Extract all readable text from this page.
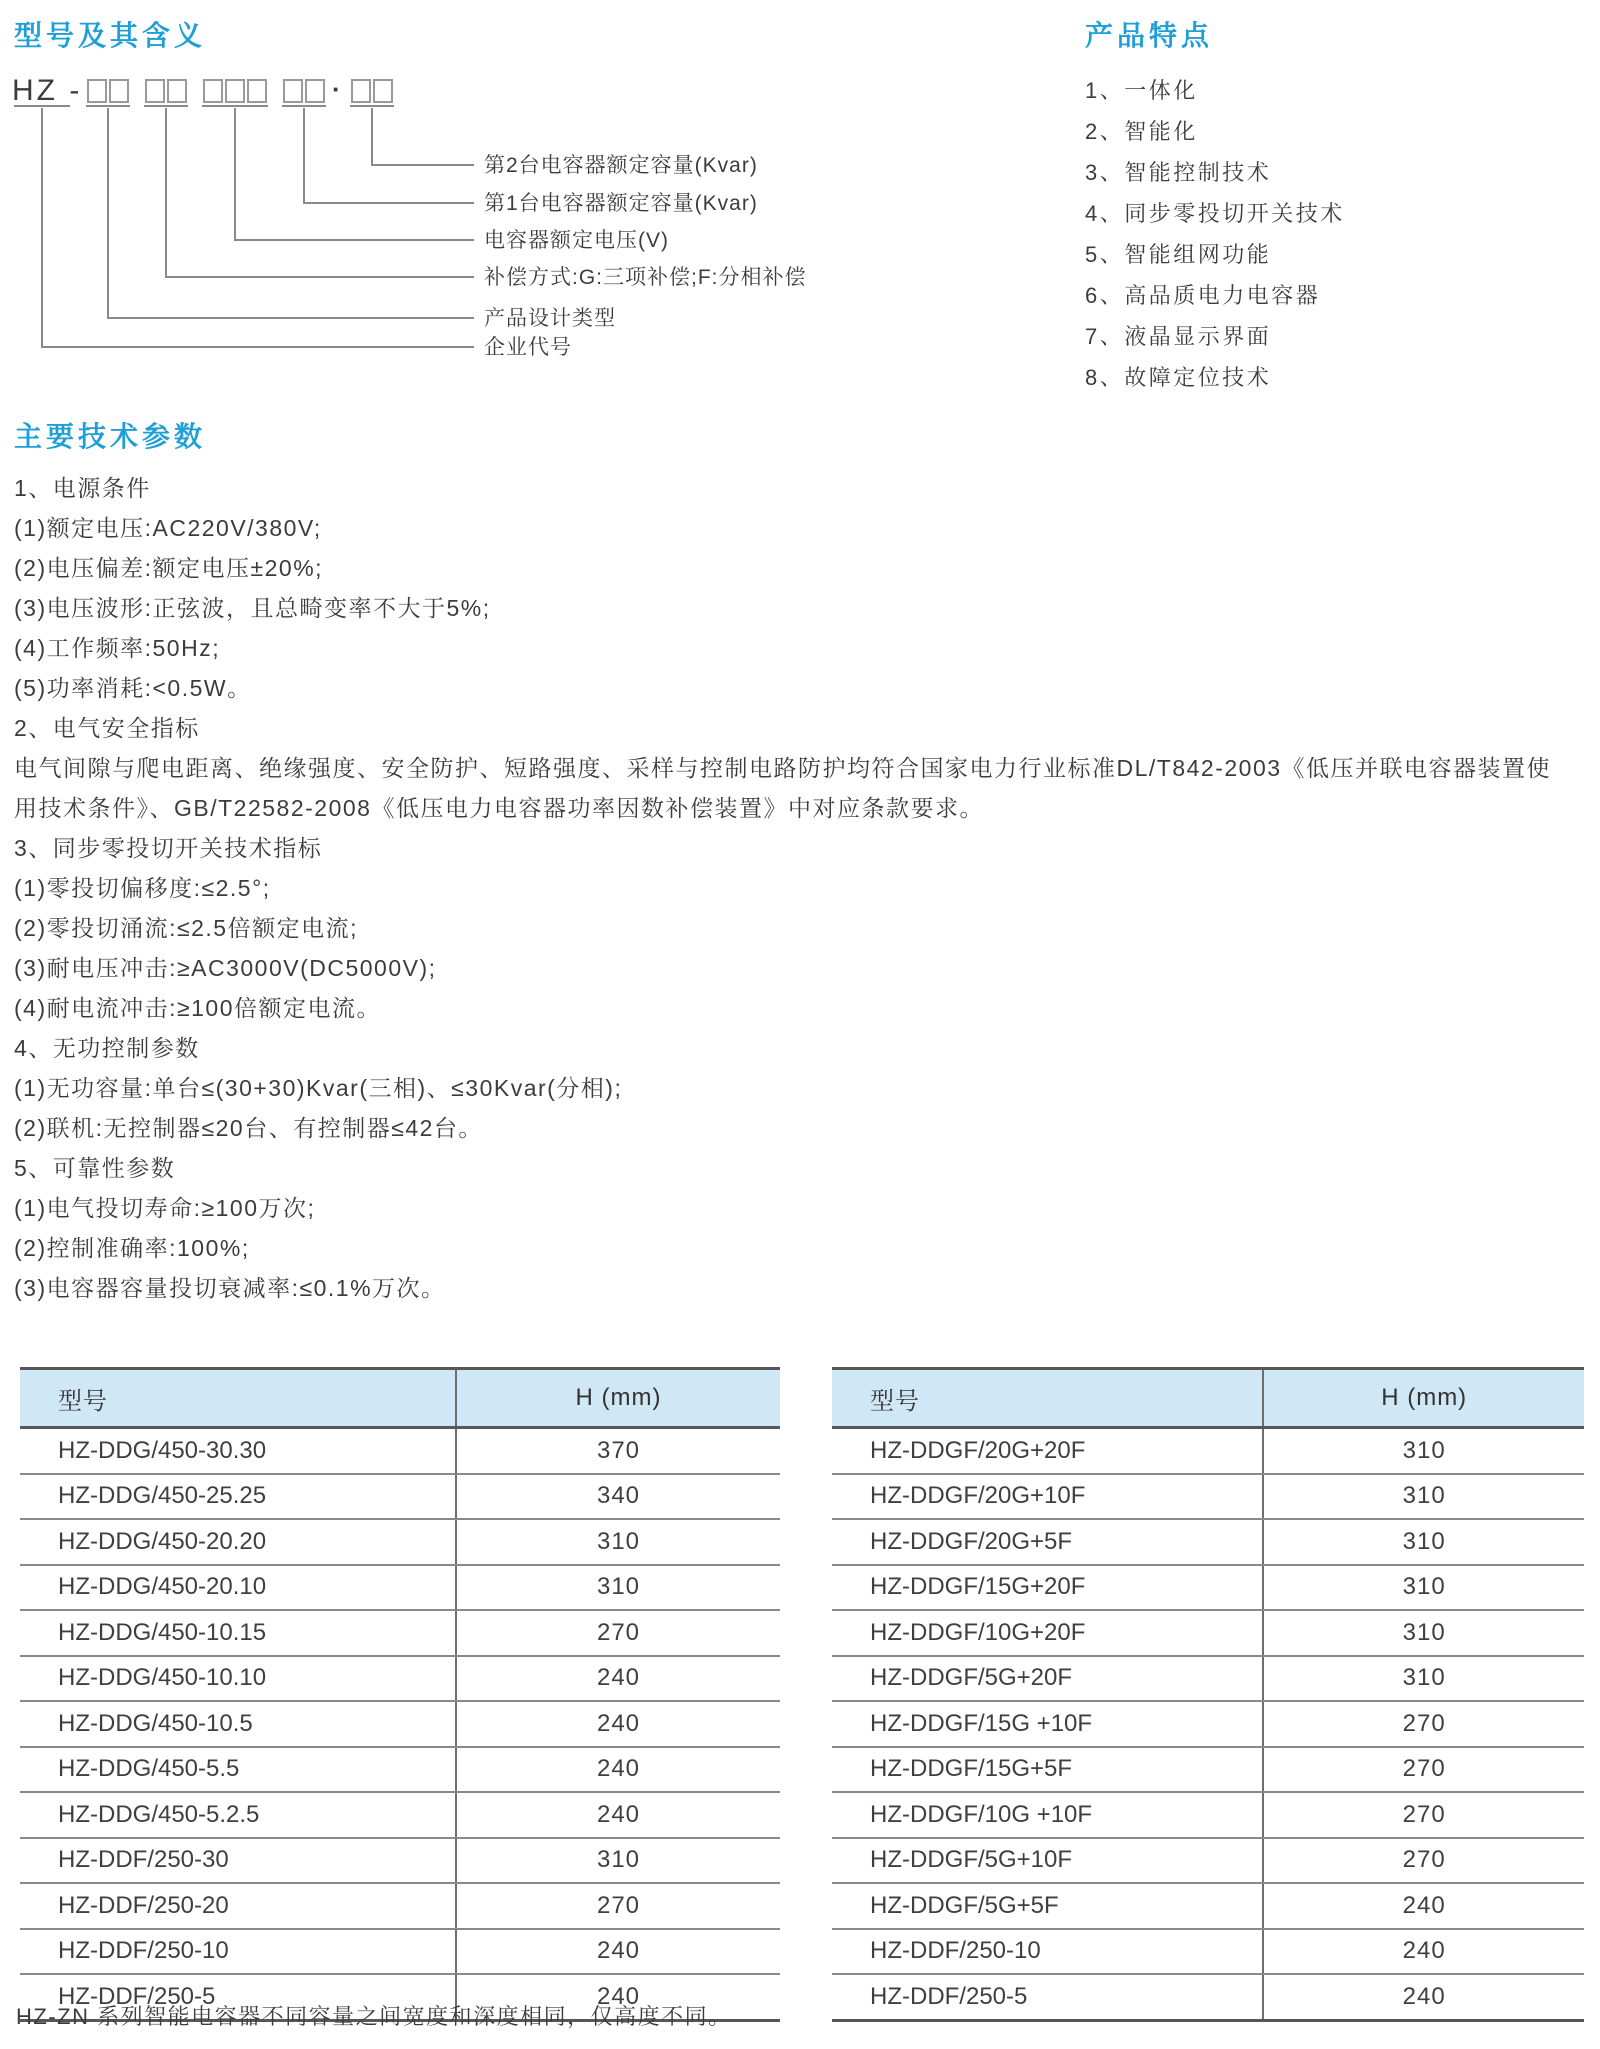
型号及其含义
HZ -	·
第2台电容器额定容量(Kvar)
第1台电容器额定容量(Kvar)
电容器额定电压(V)
补偿方式:G:三项补偿;F:分相补偿
产品设计类型
企业代号
产品特点
1、一体化
2、智能化
3、智能控制技术
4、同步零投切开关技术
5、智能组网功能
6、高品质电力电容器
7、液晶显示界面
8、故障定位技术
主要技术参数
1、电源条件
(1)额定电压:AC220V/380V;
(2)电压偏差:额定电压±20%;
(3)电压波形:正弦波，且总畸变率不大于5%;
(4)工作频率:50Hz;
(5)功率消耗:<0.5W。
2、电气安全指标
电气间隙与爬电距离、绝缘强度、安全防护、短路强度、采样与控制电路防护均符合国家电力行业标准DL/T842-2003《低压并联电容器装置使用技术条件》、GB/T22582-2008《低压电力电容器功率因数补偿装置》中对应条款要求。
3、同步零投切开关技术指标
(1)零投切偏移度:≤2.5°;
(2)零投切涌流:≤2.5倍额定电流;
(3)耐电压冲击:≥AC3000V(DC5000V);
(4)耐电流冲击:≥100倍额定电流。
4、无功控制参数
(1)无功容量:单台≤(30+30)Kvar(三相)、≤30Kvar(分相);
(2)联机:无控制器≤20台、有控制器≤42台。
5、可靠性参数
(1)电气投切寿命:≥100万次;
(2)控制准确率:100%;
(3)电容器容量投切衰减率:≤0.1%万次。
型号	H (mm)
HZ-DDG/450-30.30	370
HZ-DDG/450-25.25	340
HZ-DDG/450-20.20	310
HZ-DDG/450-20.10	310
HZ-DDG/450-10.15	270
HZ-DDG/450-10.10	240
HZ-DDG/450-10.5	240
HZ-DDG/450-5.5	240
HZ-DDG/450-5.2.5	240
HZ-DDF/250-30	310
HZ-DDF/250-20	270
HZ-DDF/250-10	240
HZ-DDF/250-5	240
型号	H (mm)
HZ-DDGF/20G+20F	310
HZ-DDGF/20G+10F	310
HZ-DDGF/20G+5F	310
HZ-DDGF/15G+20F	310
HZ-DDGF/10G+20F	310
HZ-DDGF/5G+20F	310
HZ-DDGF/15G +10F	270
HZ-DDGF/15G+5F	270
HZ-DDGF/10G +10F	270
HZ-DDGF/5G+10F	270
HZ-DDGF/5G+5F	240
HZ-DDF/250-10	240
HZ-DDF/250-5	240
HZ-ZN 系列智能电容器不同容量之间宽度和深度相同，仅高度不同。
